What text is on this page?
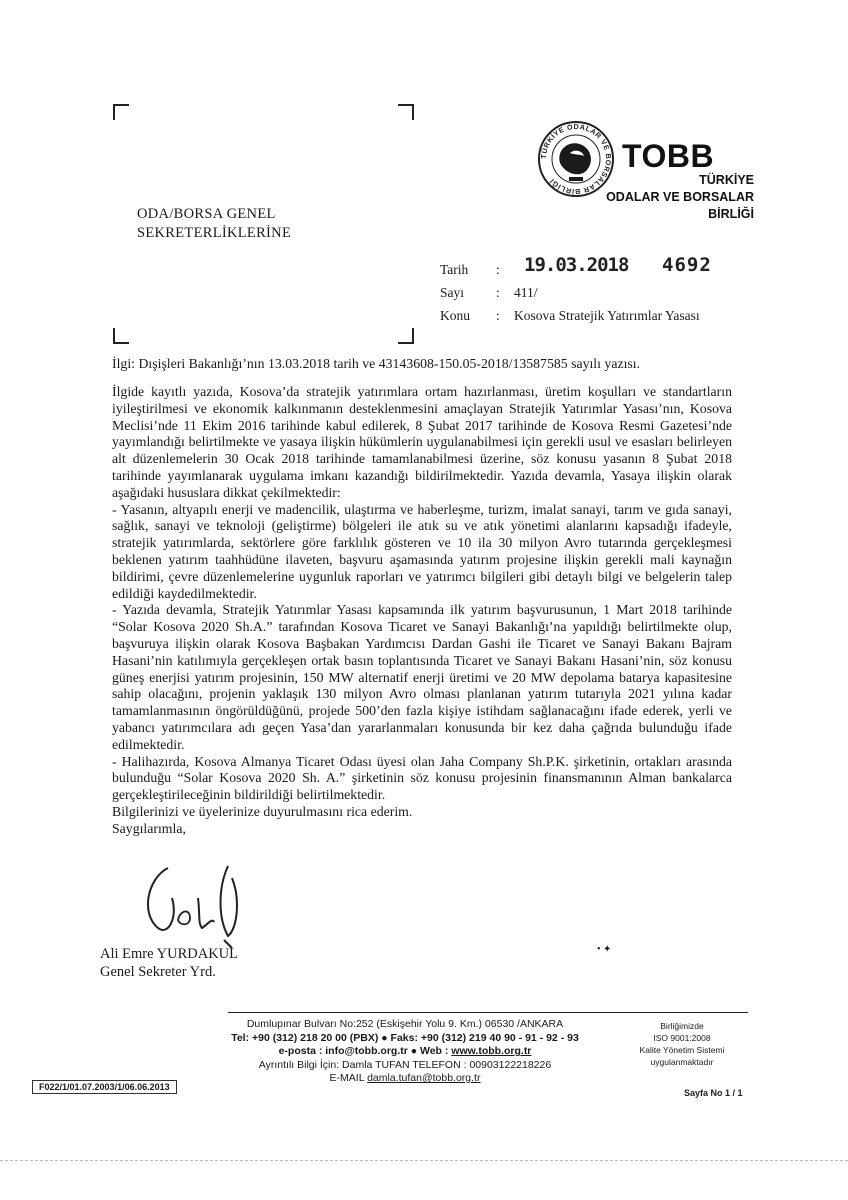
TÜRKİYE ODALAR VE BORSALAR BİRLİĞİ
TOBB
TÜRKİYE
ODALAR VE BORSALAR
BİRLİĞİ
ODA/BORSA GENEL
SEKRETERLİKLERİNE
Tarih : 19.03.2018 4692
Sayı : 411/
Konu : Kosova Stratejik Yatırımlar Yasası
İlgi: Dışişleri Bakanlığı’nın 13.03.2018 tarih ve 43143608-150.05-2018/13587585 sayılı yazısı.

İlgide kayıtlı yazıda, Kosova’da stratejik yatırımlara ortam hazırlanması, üretim koşulları ve standartların iyileştirilmesi ve ekonomik kalkınmanın desteklenmesini amaçlayan Stratejik Yatırımlar Yasası’nın, Kosova Meclisi’nde 11 Ekim 2016 tarihinde kabul edilerek, 8 Şubat 2017 tarihinde de Kosova Resmi Gazetesi’nde yayımlandığı belirtilmekte ve yasaya ilişkin hükümlerin uygulanabilmesi için gerekli usul ve esasları belirleyen alt düzenlemelerin 30 Ocak 2018 tarihinde tamamlanabilmesi üzerine, söz konusu yasanın 8 Şubat 2018 tarihinde yayımlanarak uygulama imkanı kazandığı bildirilmektedir. Yazıda devamla, Yasaya ilişkin olarak aşağıdaki hususlara dikkat çekilmektedir:

- Yasanın, altyapılı enerji ve madencilik, ulaştırma ve haberleşme, turizm, imalat sanayi, tarım ve gıda sanayi, sağlık, sanayi ve teknoloji (geliştirme) bölgeleri ile atık su ve atık yönetimi alanlarını kapsadığı ifadeyle, stratejik yatırımlarda, sektörlere göre farklılık gösteren ve 10 ila 30 milyon Avro tutarında gerçekleşmesi beklenen yatırım taahhüdüne ilaveten, başvuru aşamasında yatırım projesine ilişkin gerekli mali kaynağın bildirimi, çevre düzenlemelerine uygunluk raporları ve yatırımcı bilgileri gibi detaylı bilgi ve belgelerin talep edildiği kaydedilmektedir.

- Yazıda devamla, Stratejik Yatırımlar Yasası kapsamında ilk yatırım başvurusunun, 1 Mart 2018 tarihinde “Solar Kosova 2020 Sh.A.” tarafından Kosova Ticaret ve Sanayi Bakanlığı’na yapıldığı belirtilmekte olup, başvuruya ilişkin olarak Kosova Başbakan Yardımcısı Dardan Gashi ile Ticaret ve Sanayi Bakanı Bajram Hasani’nin katılımıyla gerçekleşen ortak basın toplantısında Ticaret ve Sanayi Bakanı Hasani’nin, söz konusu güneş enerjisi yatırım projesinin, 150 MW alternatif enerji üretimi ve 20 MW depolama batarya kapasitesine sahip olacağını, projenin yaklaşık 130 milyon Avro olması planlanan yatırım tutarıyla 2021 yılına kadar tamamlanmasının öngörüldüğünü, projede 500’den fazla kişiye istihdam sağlanacağını ifade ederek, yerli ve yabancı yatırımcılara adı geçen Yasa’dan yararlanmaları konusunda bir kez daha çağrıda bulunduğu ifade edilmektedir.

- Halihazırda, Kosova Almanya Ticaret Odası üyesi olan Jaha Company Sh.P.K. şirketinin, ortakları arasında bulunduğu “Solar Kosova 2020 Sh. A.” şirketinin söz konusu projesinin finansmanının Alman bankalarca gerçekleştirileceğinin bildirildiği belirtilmektedir.

Bilgilerinizi ve üyelerinize duyurulmasını rica ederim.

Saygılarımla,

Ali Emre YURDAKUL
Genel Sekreter Yrd.
• ✦
Dumlupınar Bulvarı No:252 (Eskişehir Yolu 9. Km.) 06530 /ANKARA
Tel: +90 (312) 218 20 00 (PBX) ● Faks: +90 (312) 219 40 90 - 91 - 92 - 93
e-posta : info@tobb.org.tr ● Web : www.tobb.org.tr
Ayrıntılı Bilgi İçin: Damla TUFAN TELEFON : 00903122218226
E-MAIL damla.tufan@tobb.org.tr
Birliğimizde
ISO 9001:2008
Kalite Yönetim Sistemi
uygulanmaktadır
F022/1/01.07.2003/1/06.06.2013
Sayfa No 1 / 1
